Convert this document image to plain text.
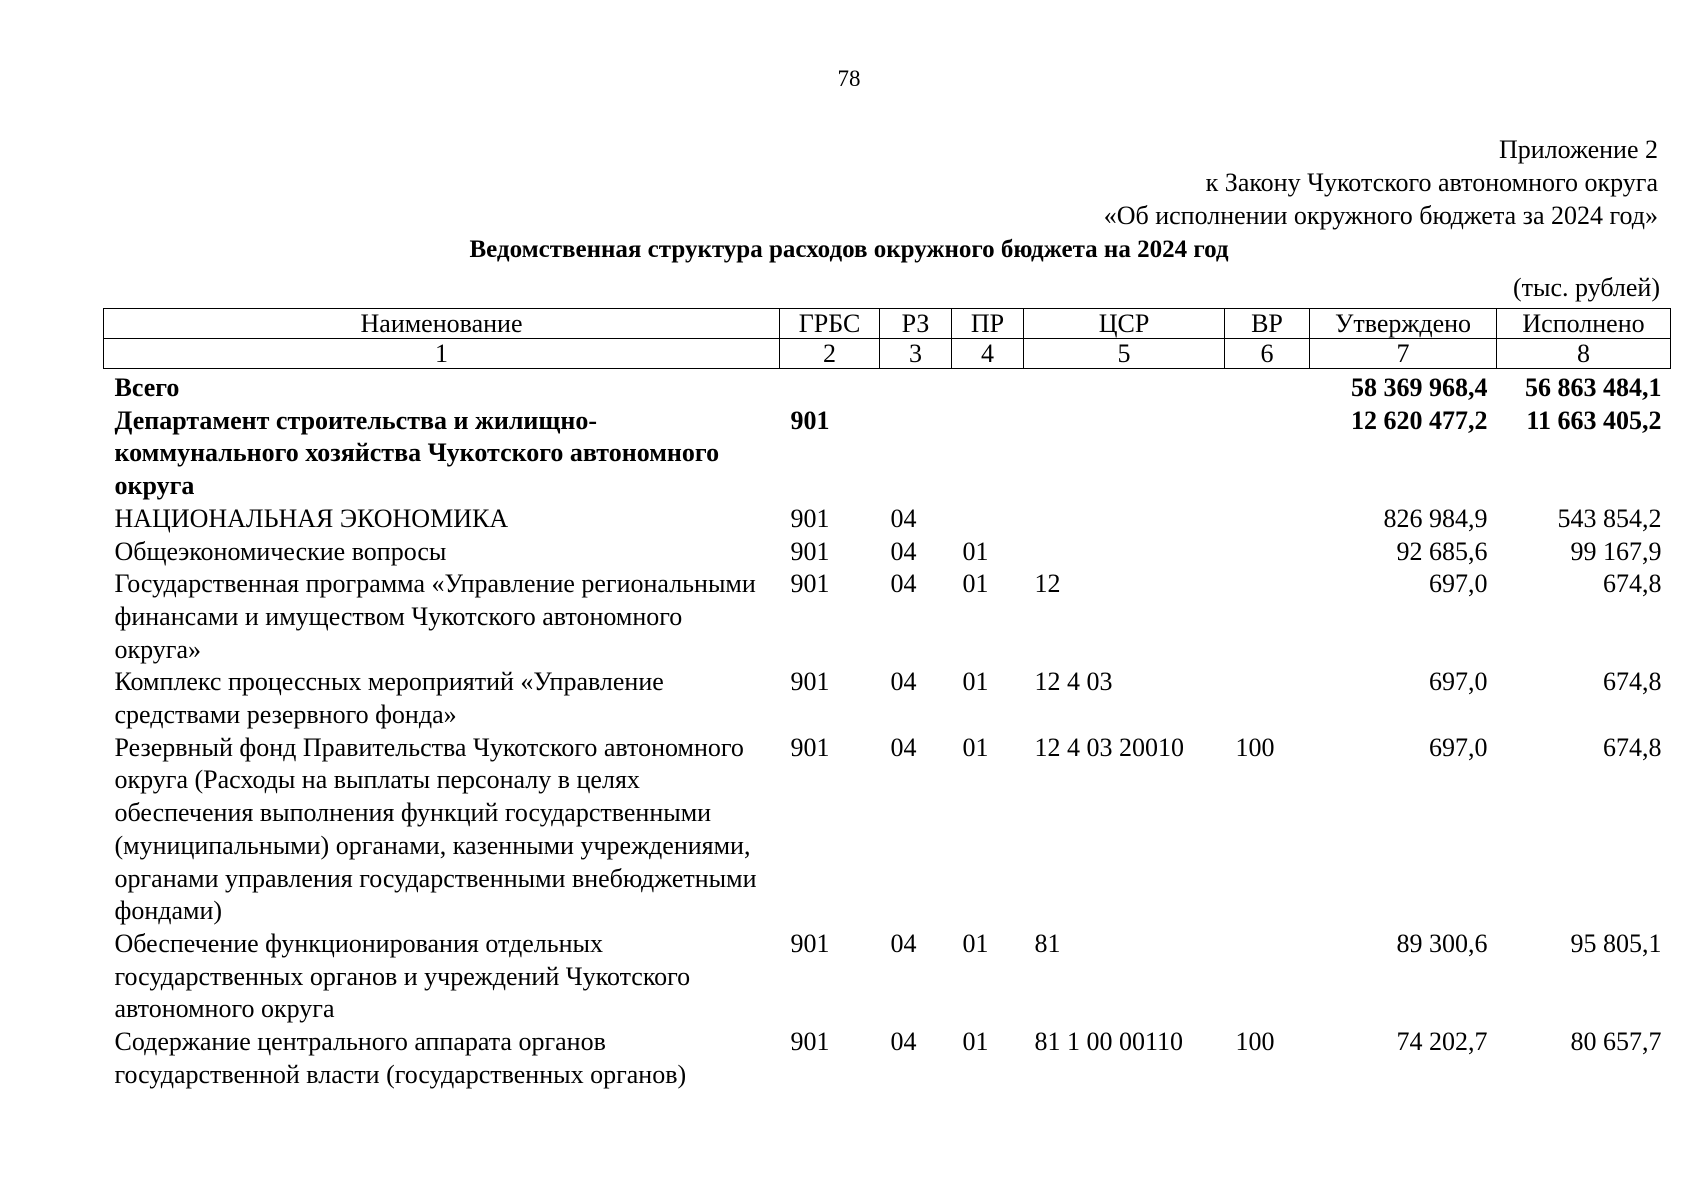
78
Приложение 2
к Закону Чукотского автономного округа
«Об исполнении окружного бюджета за 2024 год»
Ведомственная структура расходов окружного бюджета на 2024 год
(тыс. рублей)
Наименование	ГРБС	РЗ	ПР	ЦСР	ВР	Утверждено	Исполнено
1	2	3	4	5	6	7	8
Всего						58 369 968,4	56 863 484,1
Департамент строительства и жилищно-коммунального хозяйства Чукотского автономного округа	901					12 620 477,2	11 663 405,2
НАЦИОНАЛЬНАЯ ЭКОНОМИКА	901	04				826 984,9	543 854,2
Общеэкономические вопросы	901	04	01			92 685,6	99 167,9
Государственная программа «Управление региональными финансами и имуществом Чукотского автономного округа»	901	04	01	12		697,0	674,8
Комплекс процессных мероприятий «Управление средствами резервного фонда»	901	04	01	12 4 03		697,0	674,8
Резервный фонд Правительства Чукотского автономного округа (Расходы на выплаты персоналу в целях обеспечения выполнения функций государственными (муниципальными) органами, казенными учреждениями, органами управления государственными внебюджетными фондами)	901	04	01	12 4 03 20010	100	697,0	674,8
Обеспечение функционирования отдельных государственных органов и учреждений Чукотского автономного округа	901	04	01	81		89 300,6	95 805,1
Содержание центрального аппарата органов государственной власти (государственных органов)	901	04	01	81 1 00 00110	100	74 202,7	80 657,7
